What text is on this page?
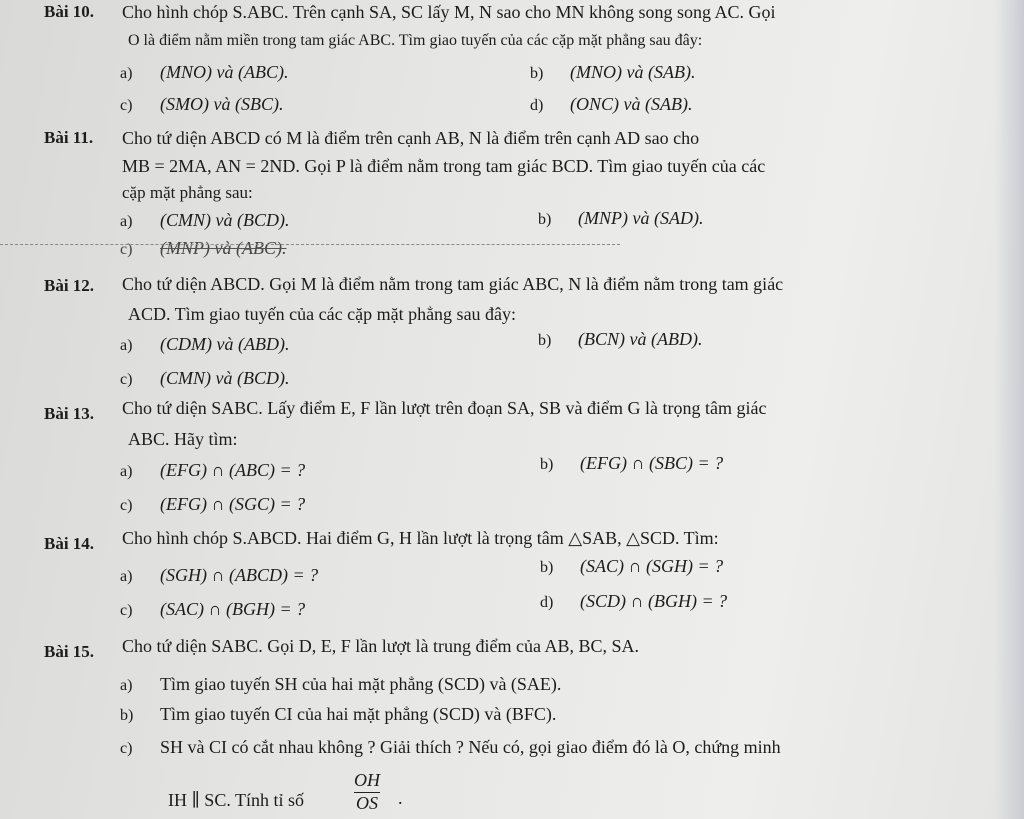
Bài 10. Cho hình chóp S.ABC. Trên cạnh SA, SC lấy M, N sao cho MN không song song AC. Gọi
O là điểm nằm miền trong tam giác ABC. Tìm giao tuyến của các cặp mặt phẳng sau đây:
a) (MNO) và (ABC).	b) (MNO) và (SAB).
c) (SMO) và (SBC).	d) (ONC) và (SAB).
Bài 11. Cho tứ diện ABCD có M là điểm trên cạnh AB, N là điểm trên cạnh AD sao cho
MB = 2MA, AN = 2ND. Gọi P là điểm nằm trong tam giác BCD. Tìm giao tuyến của các
cặp mặt phẳng sau:
a) (CMN) và (BCD).	b) (MNP) và (SAD).
c) (MNP) và (ABC).
Bài 12. Cho tứ diện ABCD. Gọi M là điểm nằm trong tam giác ABC, N là điểm nằm trong tam giác
ACD. Tìm giao tuyến của các cặp mặt phẳng sau đây:
a) (CDM) và (ABD).	b) (BCN) và (ABD).
c) (CMN) và (BCD).
Bài 13. Cho tứ diện SABC. Lấy điểm E, F lần lượt trên đoạn SA, SB và điểm G là trọng tâm giác
ABC. Hãy tìm:
a) (EFG) ∩ (ABC) = ?	b) (EFG) ∩ (SBC) = ?
c) (EFG) ∩ (SGC) = ?
Bài 14. Cho hình chóp S.ABCD. Hai điểm G, H lần lượt là trọng tâm △SAB, △SCD. Tìm:
a) (SGH) ∩ (ABCD) = ?	b) (SAC) ∩ (SGH) = ?
c) (SAC) ∩ (BGH) = ?	d) (SCD) ∩ (BGH) = ?
Bài 15. Cho tứ diện SABC. Gọi D, E, F lần lượt là trung điểm của AB, BC, SA.
a) Tìm giao tuyến SH của hai mặt phẳng (SCD) và (SAE).
b) Tìm giao tuyến CI của hai mặt phẳng (SCD) và (BFC).
c) SH và CI có cắt nhau không ? Giải thích ? Nếu có, gọi giao điểm đó là O, chứng minh
IH ∥ SC. Tính tỉ số	$\frac{OH}{OS}$ .
